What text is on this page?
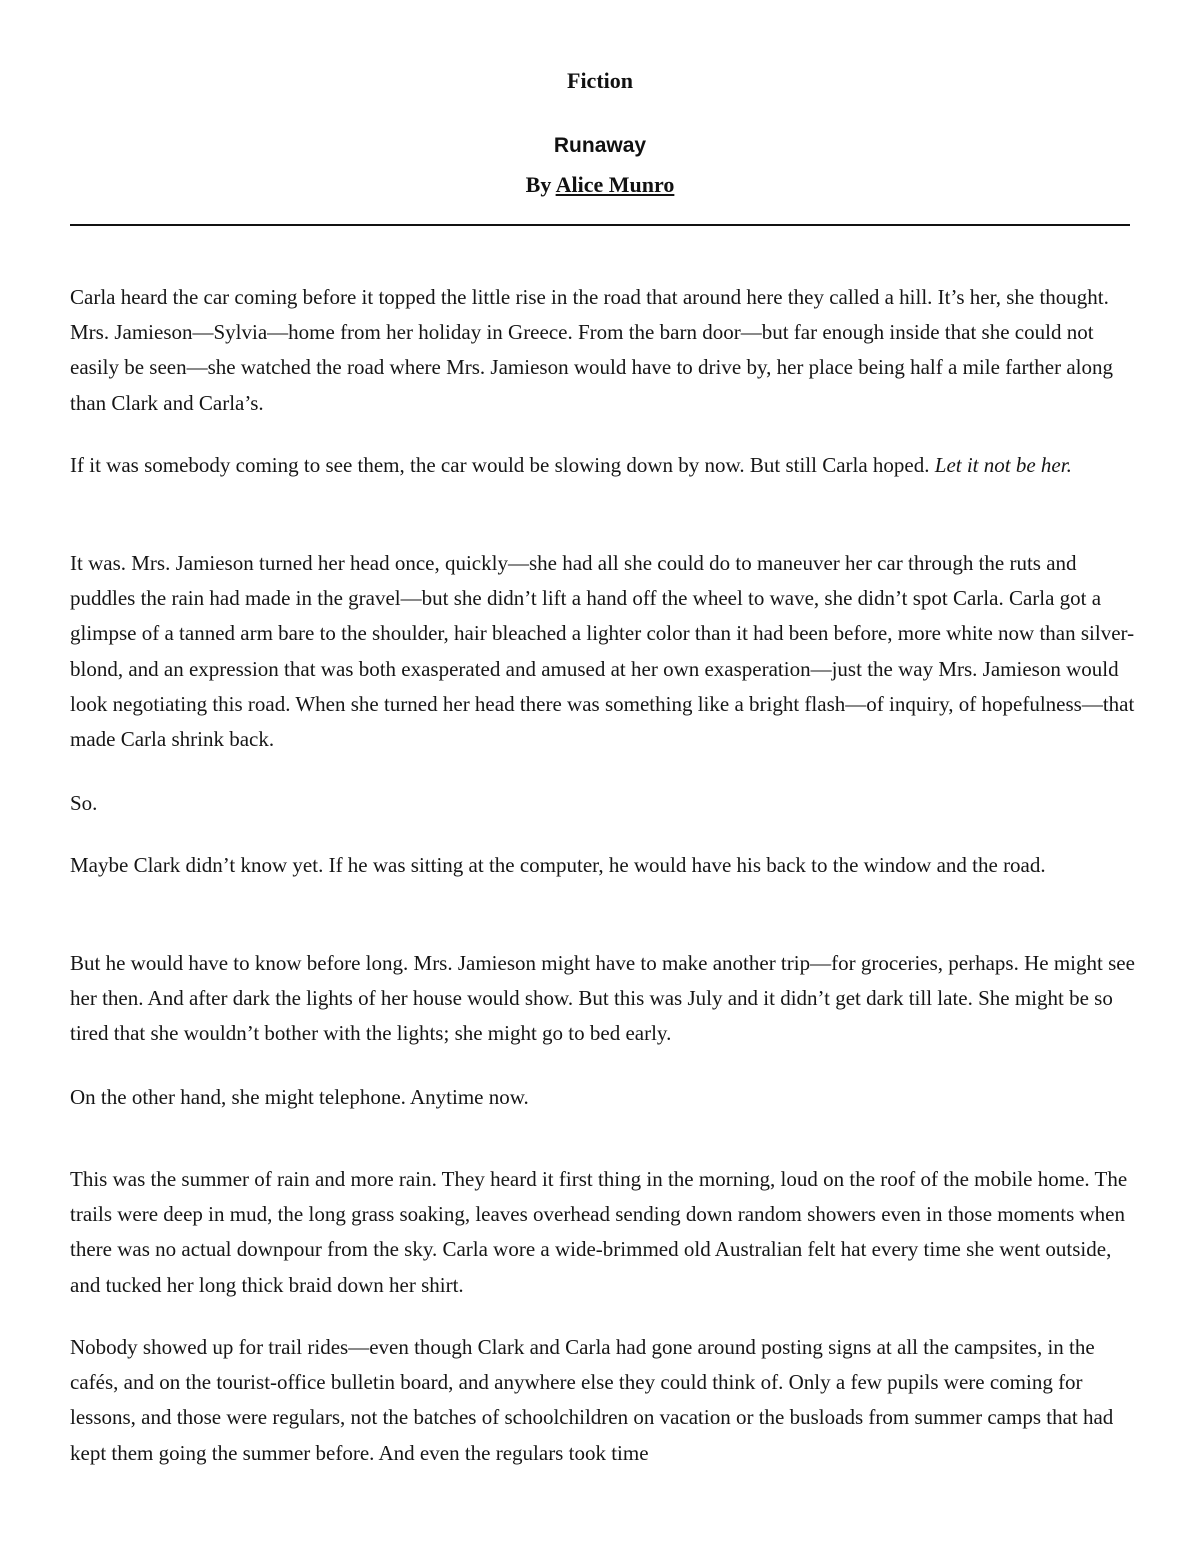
Fiction
Runaway
By Alice Munro

Carla heard the car coming before it topped the little rise in the road that around here they called a hill. It’s her, she thought. Mrs. Jamieson—Sylvia—home from her holiday in Greece. From the barn door—but far enough inside that she could not easily be seen—she watched the road where Mrs. Jamieson would have to drive by, her place being half a mile farther along than Clark and Carla’s.

If it was somebody coming to see them, the car would be slowing down by now. But still Carla hoped. Let it not be her.

It was. Mrs. Jamieson turned her head once, quickly—she had all she could do to maneuver her car through the ruts and puddles the rain had made in the gravel—but she didn’t lift a hand off the wheel to wave, she didn’t spot Carla. Carla got a glimpse of a tanned arm bare to the shoulder, hair bleached a lighter color than it had been before, more white now than silver-blond, and an expression that was both exasperated and amused at her own exasperation—just the way Mrs. Jamieson would look negotiating this road. When she turned her head there was something like a bright flash—of inquiry, of hopefulness—that made Carla shrink back.

So.

Maybe Clark didn’t know yet. If he was sitting at the computer, he would have his back to the window and the road.

But he would have to know before long. Mrs. Jamieson might have to make another trip—for groceries, perhaps. He might see her then. And after dark the lights of her house would show. But this was July and it didn’t get dark till late. She might be so tired that she wouldn’t bother with the lights; she might go to bed early.

On the other hand, she might telephone. Anytime now.

This was the summer of rain and more rain. They heard it first thing in the morning, loud on the roof of the mobile home. The trails were deep in mud, the long grass soaking, leaves overhead sending down random showers even in those moments when there was no actual downpour from the sky. Carla wore a wide-brimmed old Australian felt hat every time she went outside, and tucked her long thick braid down her shirt.

Nobody showed up for trail rides—even though Clark and Carla had gone around posting signs at all the campsites, in the cafés, and on the tourist-office bulletin board, and anywhere else they could think of. Only a few pupils were coming for lessons, and those were regulars, not the batches of schoolchildren on vacation or the busloads from summer camps that had kept them going the summer before. And even the regulars took time
